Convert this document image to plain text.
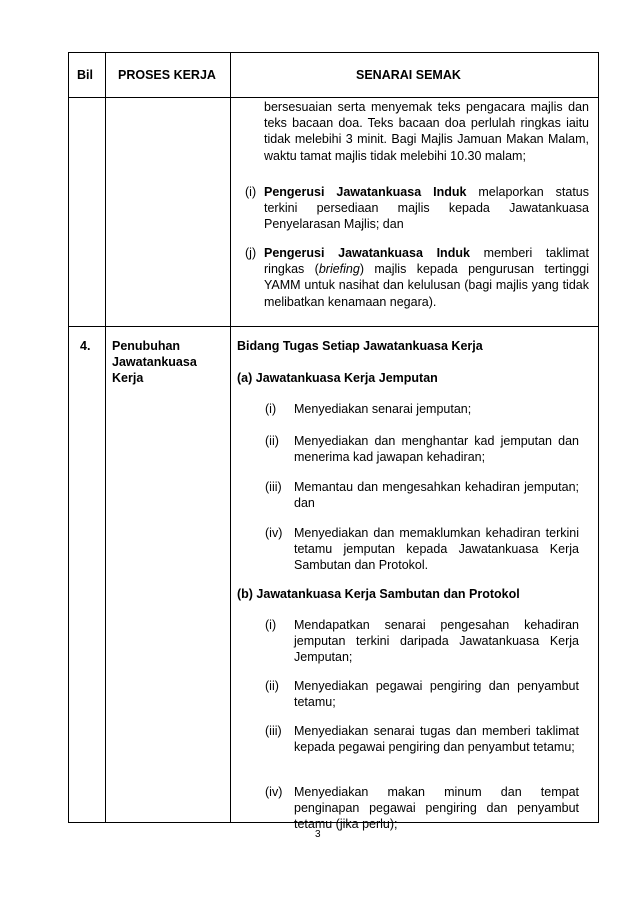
Bil PROSES KERJA	SENARAI SEMAK
bersesuaian serta menyemak teks pengacara majlis dan teks bacaan doa. Teks bacaan doa perlulah ringkas iaitu tidak melebihi 3 minit. Bagi Majlis Jamuan Makan Malam, waktu tamat majlis tidak melebihi 10.30 malam;
(i) Pengerusi Jawatankuasa Induk melaporkan status terkini persediaan majlis kepada Jawatankuasa Penyelarasan Majlis; dan
(j) Pengerusi Jawatankuasa Induk memberi taklimat ringkas (briefing) majlis kepada pengurusan tertinggi YAMM untuk nasihat dan kelulusan (bagi majlis yang tidak melibatkan kenamaan negara).
4. Penubuhan
Jawatankuasa
Kerja
Bidang Tugas Setiap Jawatankuasa Kerja
(a) Jawatankuasa Kerja Jemputan
(i) Menyediakan senarai jemputan;
(ii) Menyediakan dan menghantar kad jemputan dan menerima kad jawapan kehadiran;
(iii) Memantau dan mengesahkan kehadiran jemputan; dan
(iv) Menyediakan dan memaklumkan kehadiran terkini tetamu jemputan kepada Jawatankuasa Kerja Sambutan dan Protokol.
(b) Jawatankuasa Kerja Sambutan dan Protokol
(i) Mendapatkan senarai pengesahan kehadiran jemputan terkini daripada Jawatankuasa Kerja Jemputan;
(ii) Menyediakan pegawai pengiring dan penyambut tetamu;
(iii) Menyediakan senarai tugas dan memberi taklimat kepada pegawai pengiring dan penyambut tetamu;
(iv) Menyediakan makan minum dan tempat penginapan pegawai pengiring dan penyambut tetamu (jika perlu);
3
